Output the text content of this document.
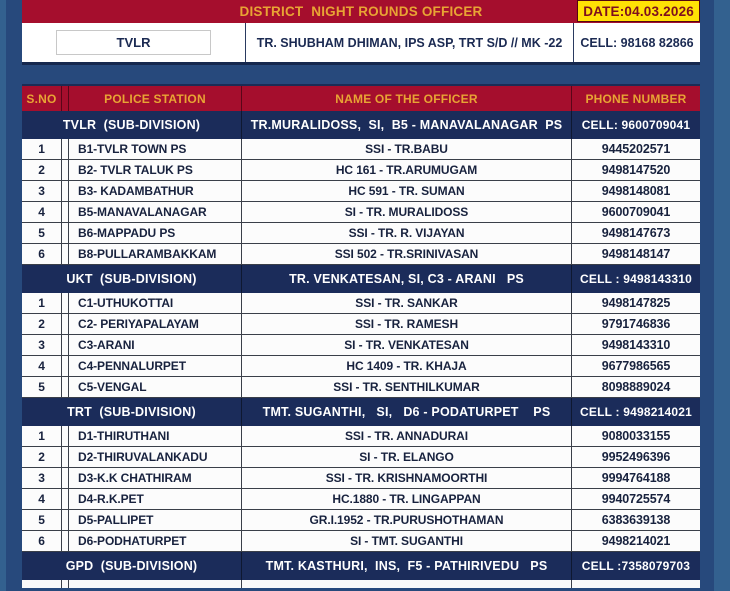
DISTRICT  NIGHT ROUNDS OFFICER	DATE:04.03.2026
TVLR	TR. SHUBHAM DHIMAN, IPS ASP, TRT S/D // MK -22	CELL: 98168 82866
S.NO	POLICE STATION	NAME OF THE OFFICER	PHONE NUMBER
TVLR  (SUB-DIVISION)	TR.MURALIDOSS,  SI,  B5 - MANAVALANAGAR  PS	CELL: 9600709041
1	B1-TVLR TOWN PS	SSI - TR.BABU	9445202571
2	B2- TVLR TALUK PS	HC 161 - TR.ARUMUGAM	9498147520
3	B3- KADAMBATHUR	HC 591 - TR. SUMAN	9498148081
4	B5-MANAVALANAGAR	SI - TR. MURALIDOSS	9600709041
5	B6-MAPPADU PS	SSI - TR. R. VIJAYAN	9498147673
6	B8-PULLARAMBAKKAM	SSI 502 - TR.SRINIVASAN	9498148147
UKT  (SUB-DIVISION)	TR. VENKATESAN, SI, C3 - ARANI   PS	CELL : 9498143310
1	C1-UTHUKOTTAI	SSI - TR. SANKAR	9498147825
2	C2- PERIYAPALAYAM	SSI - TR. RAMESH	9791746836
3	C3-ARANI	SI - TR. VENKATESAN	9498143310
4	C4-PENNALURPET	HC 1409 - TR. KHAJA	9677986565
5	C5-VENGAL	SSI - TR. SENTHILKUMAR	8098889024
TRT  (SUB-DIVISION)	TMT. SUGANTHI,   SI,   D6 - PODATURPET    PS	CELL : 9498214021
1	D1-THIRUTHANI	SSI - TR. ANNADURAI	9080033155
2	D2-THIRUVALANKADU	SI - TR. ELANGO	9952496396
3	D3-K.K CHATHIRAM	SSI - TR. KRISHNAMOORTHI	9994764188
4	D4-R.K.PET	HC.1880 - TR. LINGAPPAN	9940725574
5	D5-PALLIPET	GR.I.1952 - TR.PURUSHOTHAMAN	6383639138
6	D6-PODHATURPET	SI - TMT. SUGANTHI	9498214021
GPD  (SUB-DIVISION)	TMT. KASTHURI,  INS,  F5 - PATHIRIVEDU   PS	CELL :7358079703
